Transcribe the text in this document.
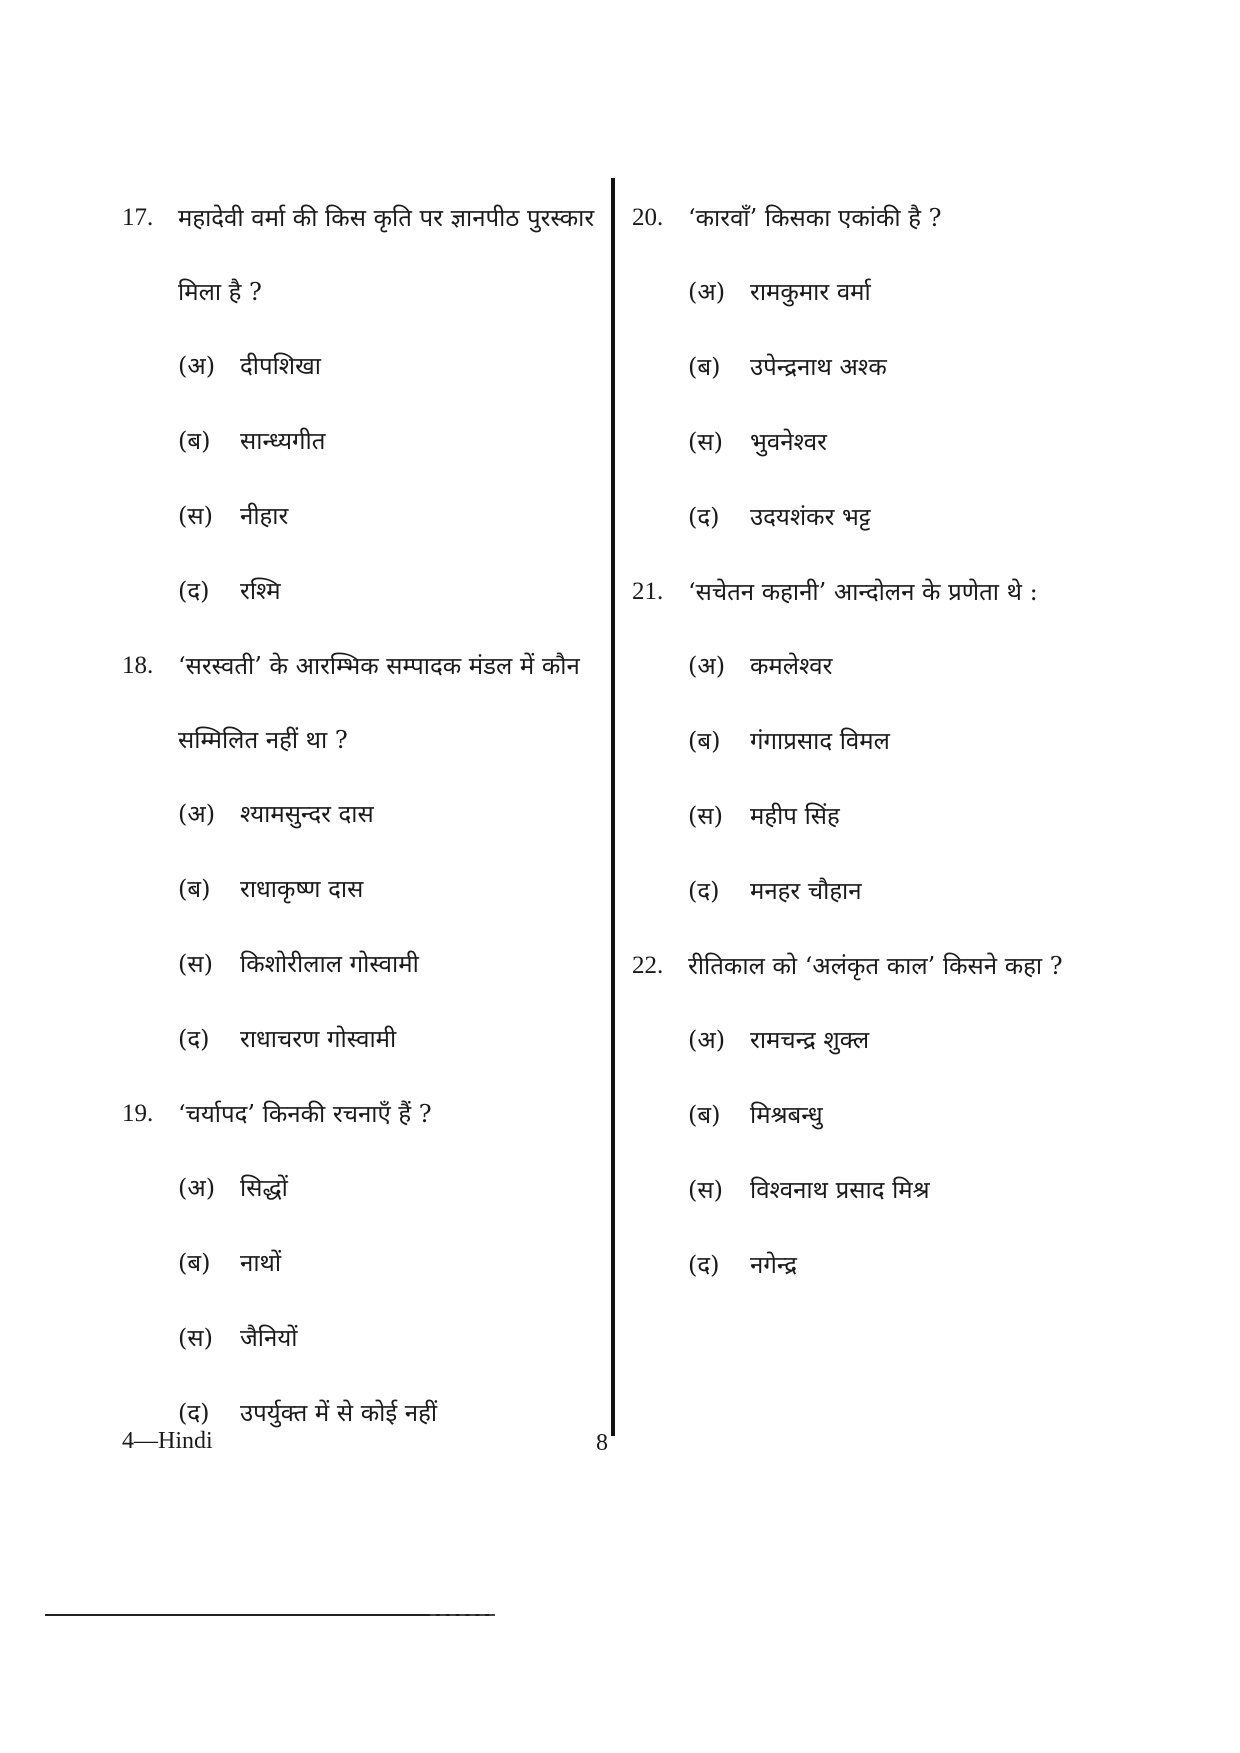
17. महादेवी वर्मा की किस कृति पर ज्ञानपीठ पुरस्कार
मिला है ?
(अ) दीपशिखा
(ब) सान्ध्यगीत
(स) नीहार
(द) रश्मि
18. ‘सरस्वती’ के आरम्भिक सम्पादक मंडल में कौन
सम्मिलित नहीं था ?
(अ) श्यामसुन्दर दास
(ब) राधाकृष्ण दास
(स) किशोरीलाल गोस्वामी
(द) राधाचरण गोस्वामी
19. ‘चर्यापद’ किनकी रचनाएँ हैं ?
(अ) सिद्धों
(ब) नाथों
(स) जैनियों
(द) उपर्युक्त में से कोई नहीं
20. ‘कारवाँ’ किसका एकांकी है ?
(अ) रामकुमार वर्मा
(ब) उपेन्द्रनाथ अश्क
(स) भुवनेश्वर
(द) उदयशंकर भट्ट
21. ‘सचेतन कहानी’ आन्दोलन के प्रणेता थे :
(अ) कमलेश्वर
(ब) गंगाप्रसाद विमल
(स) महीप सिंह
(द) मनहर चौहान
22. रीतिकाल को ‘अलंकृत काल’ किसने कहा ?
(अ) रामचन्द्र शुक्ल
(ब) मिश्रबन्धु
(स) विश्वनाथ प्रसाद मिश्र
(द) नगेन्द्र
4—Hindi	8
